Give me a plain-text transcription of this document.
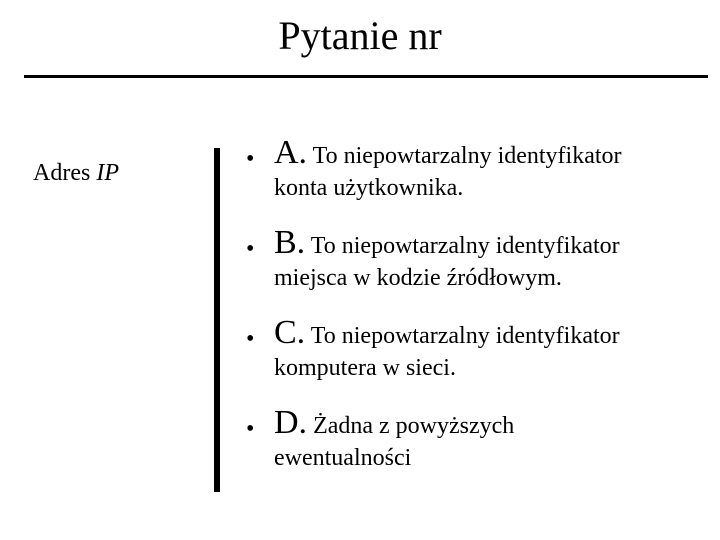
Pytanie nr
Adres IP
• A. To niepowtarzalny identyfikator
konta użytkownika.
• B. To niepowtarzalny identyfikator
miejsca w kodzie źródłowym.
• C. To niepowtarzalny identyfikator
komputera w sieci.
• D. Żadna z powyższych
ewentualności
